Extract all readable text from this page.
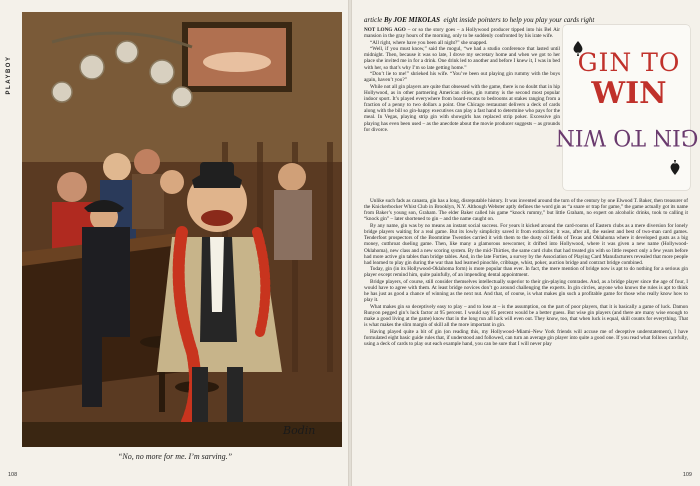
PLAYBOY
Bodin
“No, no more for me. I’m sarving.”
108
article By JOE MIKOLAS eight inside pointers to help you play your cards right

NOT LONG AGO – or so the story goes – a Hollywood producer tipped into his Bel Air mansion in the gray hours of the morning, only to be suddenly confronted by his irate wife.

“All right, where have you been all night?” she snapped.

“Well, if you must know,” said the mogul, “we had a studio conference that lasted until midnight. Then, because it was so late, I drove my secretary home and when we got to her place she invited me in for a drink. One drink led to another and before I knew it, I was in bed with her, so that’s why I’m so late getting home.”

“Don’t lie to me!” shrieked his wife. “You’ve been out playing gin rummy with the boys again, haven’t you?”

While not all gin players are quite that obsessed with the game, there is no doubt that in hip Hollywood, as in other partnering American cities, gin rummy is the second most popular indoor sport. It’s played everywhere from board-rooms to bedrooms at stakes ranging from a fraction of a penny to two dollars a point. One Chicago restaurant delivers a deck of cards along with the bill so gin-happy executives can play a fast hand to determine who pays for the meal. In Vegas, playing strip gin with showgirls has replaced strip poker. Excessive gin playing has even been used – as the anecdote about the movie producer suggests – as grounds for divorce.

GIN TO
WIN
GIN TO WIN

Unlike such fads as canasta, gin has a long, disreputable history. It was invented around the turn of the century by one Elwood T. Baker, then treasurer of the Knickerbocker Whist Club in Brooklyn, N.Y. Although Webster aptly defines the word gin as “a snare or trap for game,” the game actually got its name from Baker’s young son, Graham. The elder Baker called his game “knock rummy,” but little Graham, no expert on alcoholic drinks, took to calling it “knock gin” – later shortened to gin – and the name caught on.

By any name, gin was by no means an instant social success. For years it kicked around the card-rooms of Eastern clubs as a mere diversion for lonely bridge players waiting for a real game. But its lowly simplicity saved it from extinction; it was, after all, the easiest and best of two-man card games. Tenderfoot prospectors of the Boomtime Twenties carried it with them to the dusty oil fields of Texas and Oklahoma where it developed gusts as a big money, cutthroat dueling game. Then, like many a glamorous newcomer, it drifted into Hollywood, where it was given a new name (Hollywood-Oklahoma), new class and a new scoring system. By the mid-Thirties, the same card clubs that had treated gin with so little respect only a few years before had more active gin tables than bridge tables. And, in the late Forties, a survey by the Association of Playing Card Manufacturers revealed that more people had learned to play gin during the war than had learned pinochle, cribbage, whist, poker, auction bridge and contract bridge combined.

Today, gin (in its Hollywood-Oklahoma form) is more popular than ever. In fact, the mere mention of bridge now is apt to do nothing for a serious gin player except remind him, quite painfully, of an impending dental appointment.

Bridge players, of course, still consider themselves intellectually superior to their gin-playing comrades. And, as a bridge player since the age of four, I would have to agree with them. At least bridge novices don’t go around challenging the experts. In gin circles, anyone who knows the rules is apt to think he has just as good a chance of winning as the next nut. And that, of course, is what makes gin such a profitable game for those who really know how to play it.

What makes gin so deceptively easy to play – and to lose at – is the assumption, on the part of poor players, that it is basically a game of luck. Damon Runyon pegged gin’s luck factor at 95 percent. I would say 85 percent would be a better guess. But wise gin players (and there are many wise enough to make a good living at the game) know that in the long run all luck will even out. They know, too, that when luck is equal, skill counts for everything. That is what makes the slim margin of skill all the more important in gin.

Having played quite a bit of gin (on reading this, my Hollywood–Miami–New York friends will accuse me of deceptive understatement), I have formulated eight basic guide rules that, if understood and followed, can turn an average gin player into quite a good one. If you read what follows carefully, using a deck of cards to play out each example hand, you can be sure that I will never play

109
